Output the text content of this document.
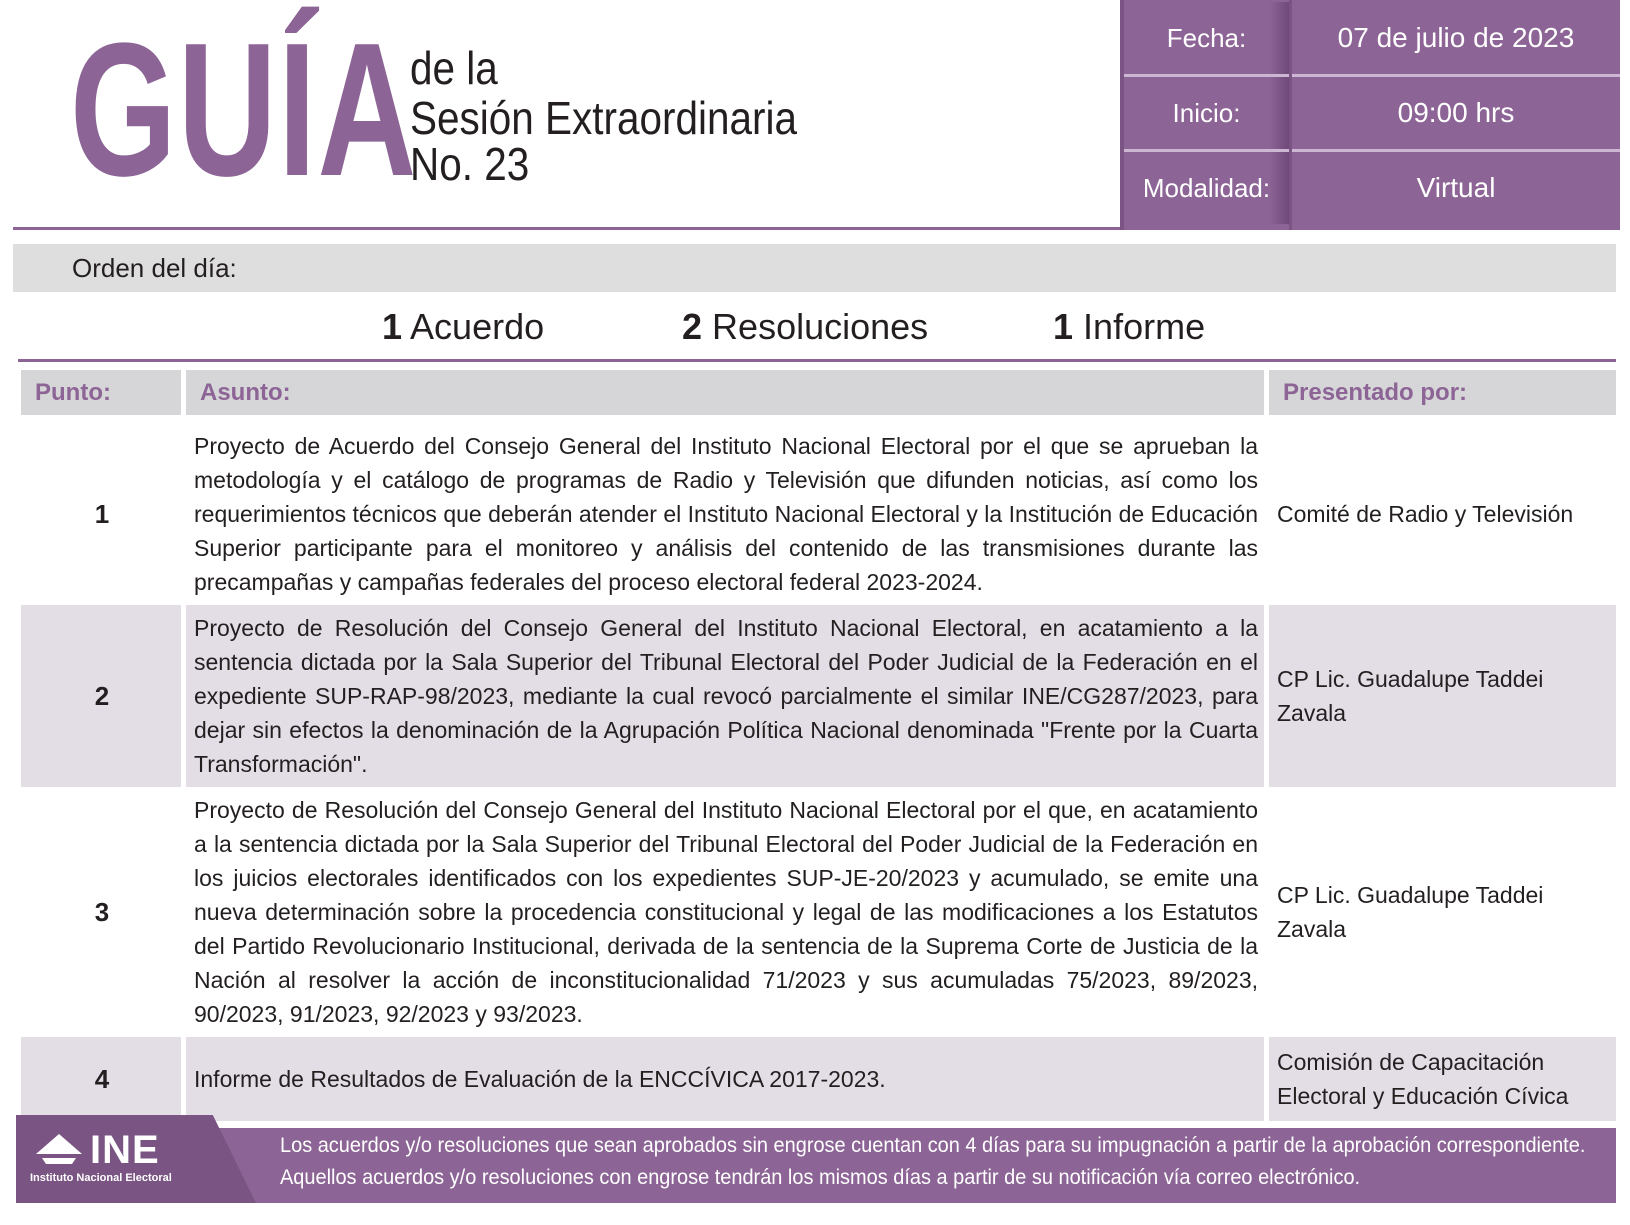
GUÍA
de la
Sesión Extraordinaria
No. 23
Fecha:	07 de julio de 2023
Inicio:	09:00 hrs
Modalidad:	Virtual
Orden del día:
1 Acuerdo	2 Resoluciones	1 Informe
Punto:	Asunto:	Presentado por:
1	Proyecto de Acuerdo del Consejo General del Instituto Nacional Electoral por el que se aprueban la metodología y el catálogo de programas de Radio y Televisión que difunden noticias, así como los requerimientos técnicos que deberán atender el Instituto Nacional Electoral y la Institución de Educación Superior participante para el monitoreo y análisis del contenido de las transmisiones durante las precampañas y campañas federales del proceso electoral federal 2023-2024.	Comité de Radio y Televisión
2	Proyecto de Resolución del Consejo General del Instituto Nacional Electoral, en acatamiento a la sentencia dictada por la Sala Superior del Tribunal Electoral del Poder Judicial de la Federación en el expediente SUP-RAP-98/2023, mediante la cual revocó parcialmente el similar INE/CG287/2023, para dejar sin efectos la denominación de la Agrupación Política Nacional denominada "Frente por la Cuarta Transformación".	CP Lic. Guadalupe Taddei Zavala
3	Proyecto de Resolución del Consejo General del Instituto Nacional Electoral por el que, en acatamiento a la sentencia dictada por la Sala Superior del Tribunal Electoral del Poder Judicial de la Federación en los juicios electorales identificados con los expedientes SUP-JE-20/2023 y acumulado, se emite una nueva determinación sobre la procedencia constitucional y legal de las modificaciones a los Estatutos del Partido Revolucionario Institucional, derivada de la sentencia de la Suprema Corte de Justicia de la Nación al resolver la acción de inconstitucionalidad 71/2023 y sus acumuladas 75/2023, 89/2023, 90/2023, 91/2023, 92/2023 y 93/2023.	CP Lic. Guadalupe Taddei Zavala
4	Informe de Resultados de Evaluación de la ENCCÍVICA 2017-2023.	Comisión de Capacitación Electoral y Educación Cívica
INE
Instituto Nacional Electoral
Los acuerdos y/o resoluciones que sean aprobados sin engrose cuentan con 4 días para su impugnación a partir de la aprobación correspondiente.
Aquellos acuerdos y/o resoluciones con engrose tendrán los mismos días a partir de su notificación vía correo electrónico.
